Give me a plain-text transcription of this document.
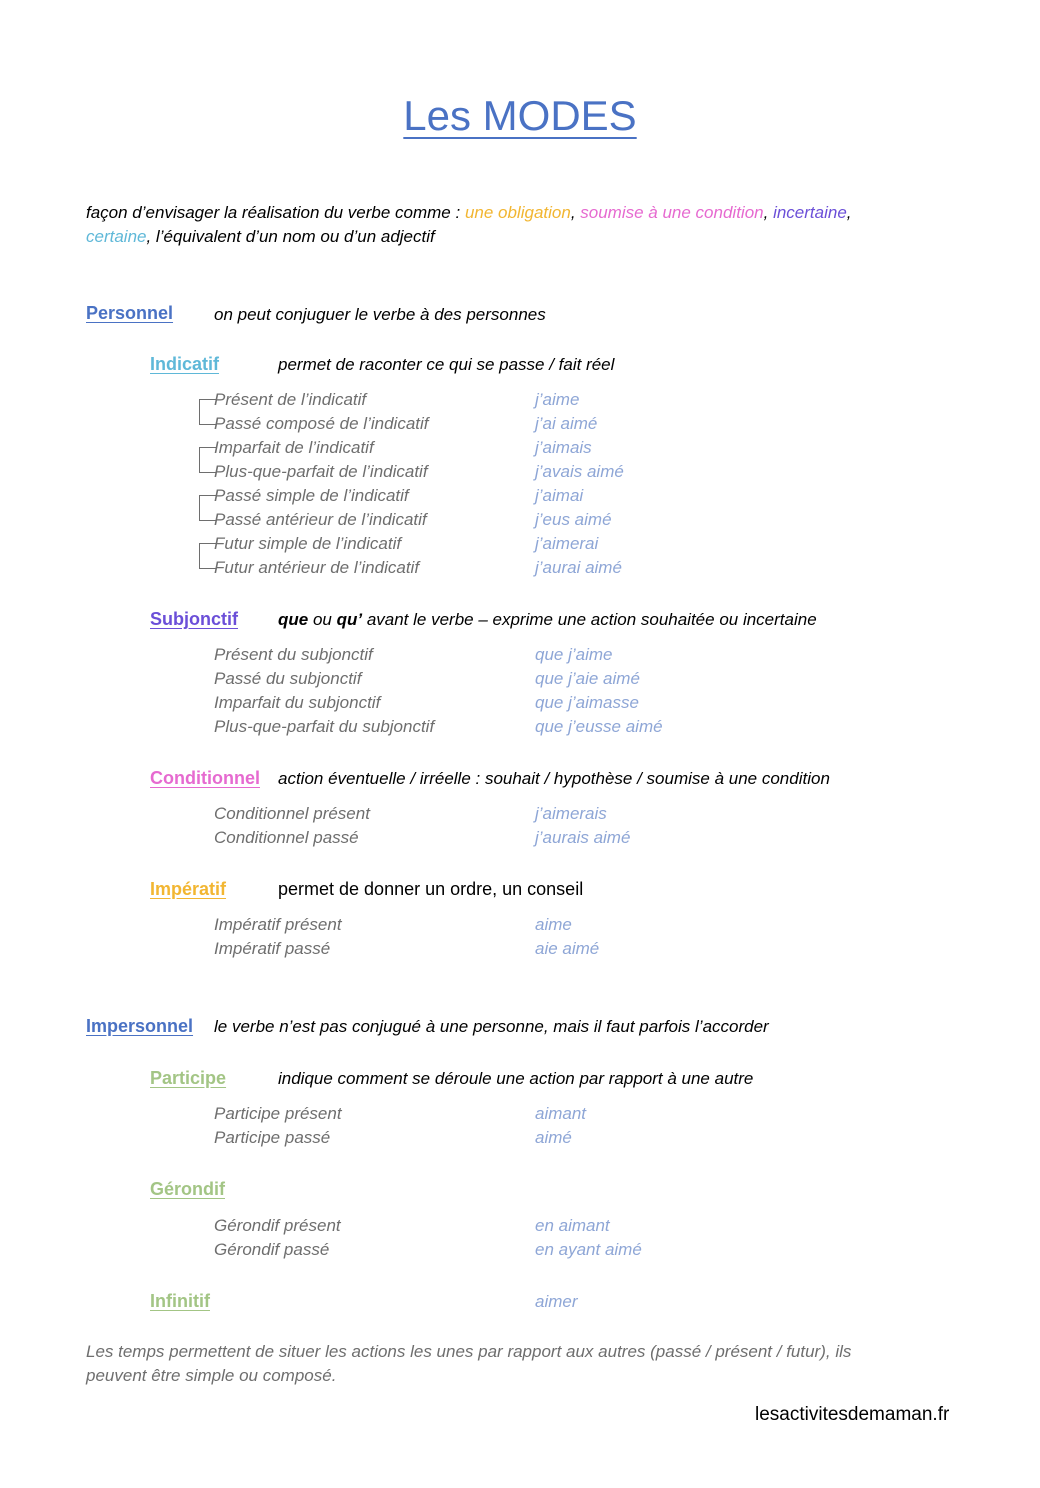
Les MODES
façon d’envisager la réalisation du verbe comme : une obligation, soumise à une condition, incertaine,
certaine, l’équivalent d’un nom ou d’un adjectif
Personnel on peut conjuguer le verbe à des personnes
Indicatif	permet de raconter ce qui se passe / fait réel
Présent de l’indicatif	j’aime
Passé composé de l’indicatif	j’ai aimé
Imparfait de l’indicatif	j’aimais
Plus-que-parfait de l’indicatif	j’avais aimé
Passé simple de l’indicatif	j’aimai
Passé antérieur de l’indicatif	j’eus aimé
Futur simple de l’indicatif	j’aimerai
Futur antérieur de l’indicatif	j’aurai aimé
Subjonctif que ou qu’ avant le verbe – exprime une action souhaitée ou incertaine
Présent du subjonctif	que j’aime
Passé du subjonctif	que j’aie aimé
Imparfait du subjonctif	que j’aimasse
Plus-que-parfait du subjonctif	que j’eusse aimé
Conditionnel action éventuelle / irréelle : souhait / hypothèse / soumise à une condition
Conditionnel présent	j’aimerais
Conditionnel passé	j’aurais aimé
Impératif	permet de donner un ordre, un conseil
Impératif présent	aime
Impératif passé	aie aimé
Impersonnel le verbe n’est pas conjugué à une personne, mais il faut parfois l’accorder
Participe	indique comment se déroule une action par rapport à une autre
Participe présent	aimant
Participe passé	aimé
Gérondif
Gérondif présent	en aimant
Gérondif passé	en ayant aimé
Infinitif	aimer
Les temps permettent de situer les actions les unes par rapport aux autres (passé / présent / futur), ils
peuvent être simple ou composé.
lesactivitesdemaman.fr
